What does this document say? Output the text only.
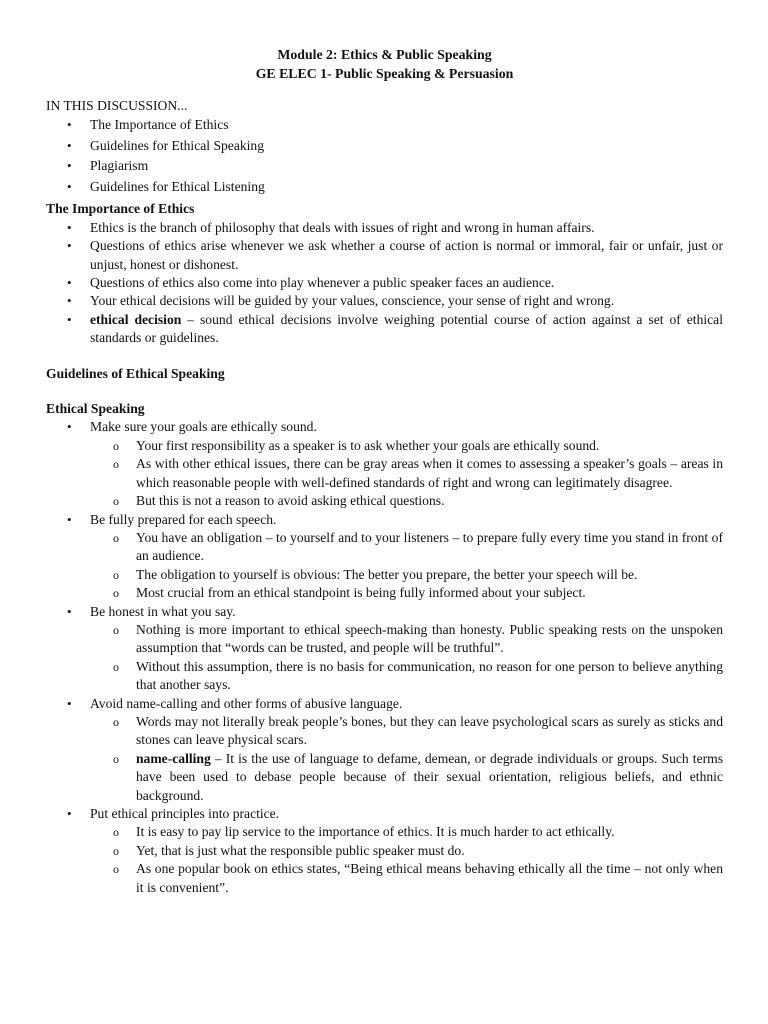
Module 2: Ethics & Public Speaking
GE ELEC 1- Public Speaking & Persuasion
IN THIS DISCUSSION...
• The Importance of Ethics
• Guidelines for Ethical Speaking
• Plagiarism
• Guidelines for Ethical Listening
The Importance of Ethics
• Ethics is the branch of philosophy that deals with issues of right and wrong in human affairs.
• Questions of ethics arise whenever we ask whether a course of action is normal or immoral, fair or unfair, just or unjust, honest or dishonest.
• Questions of ethics also come into play whenever a public speaker faces an audience.
• Your ethical decisions will be guided by your values, conscience, your sense of right and wrong.
• ethical decision – sound ethical decisions involve weighing potential course of action against a set of ethical standards or guidelines.
Guidelines of Ethical Speaking
Ethical Speaking
• Make sure your goals are ethically sound.
o Your first responsibility as a speaker is to ask whether your goals are ethically sound.
o As with other ethical issues, there can be gray areas when it comes to assessing a speaker’s goals – areas in which reasonable people with well-defined standards of right and wrong can legitimately disagree.
o But this is not a reason to avoid asking ethical questions.
• Be fully prepared for each speech.
o You have an obligation – to yourself and to your listeners – to prepare fully every time you stand in front of an audience.
o The obligation to yourself is obvious: The better you prepare, the better your speech will be.
o Most crucial from an ethical standpoint is being fully informed about your subject.
• Be honest in what you say.
o Nothing is more important to ethical speech-making than honesty. Public speaking rests on the unspoken assumption that “words can be trusted, and people will be truthful”.
o Without this assumption, there is no basis for communication, no reason for one person to believe anything that another says.
• Avoid name-calling and other forms of abusive language.
o Words may not literally break people’s bones, but they can leave psychological scars as surely as sticks and stones can leave physical scars.
o name-calling – It is the use of language to defame, demean, or degrade individuals or groups. Such terms have been used to debase people because of their sexual orientation, religious beliefs, and ethnic background.
• Put ethical principles into practice.
o It is easy to pay lip service to the importance of ethics. It is much harder to act ethically.
o Yet, that is just what the responsible public speaker must do.
o As one popular book on ethics states, “Being ethical means behaving ethically all the time – not only when it is convenient”.
